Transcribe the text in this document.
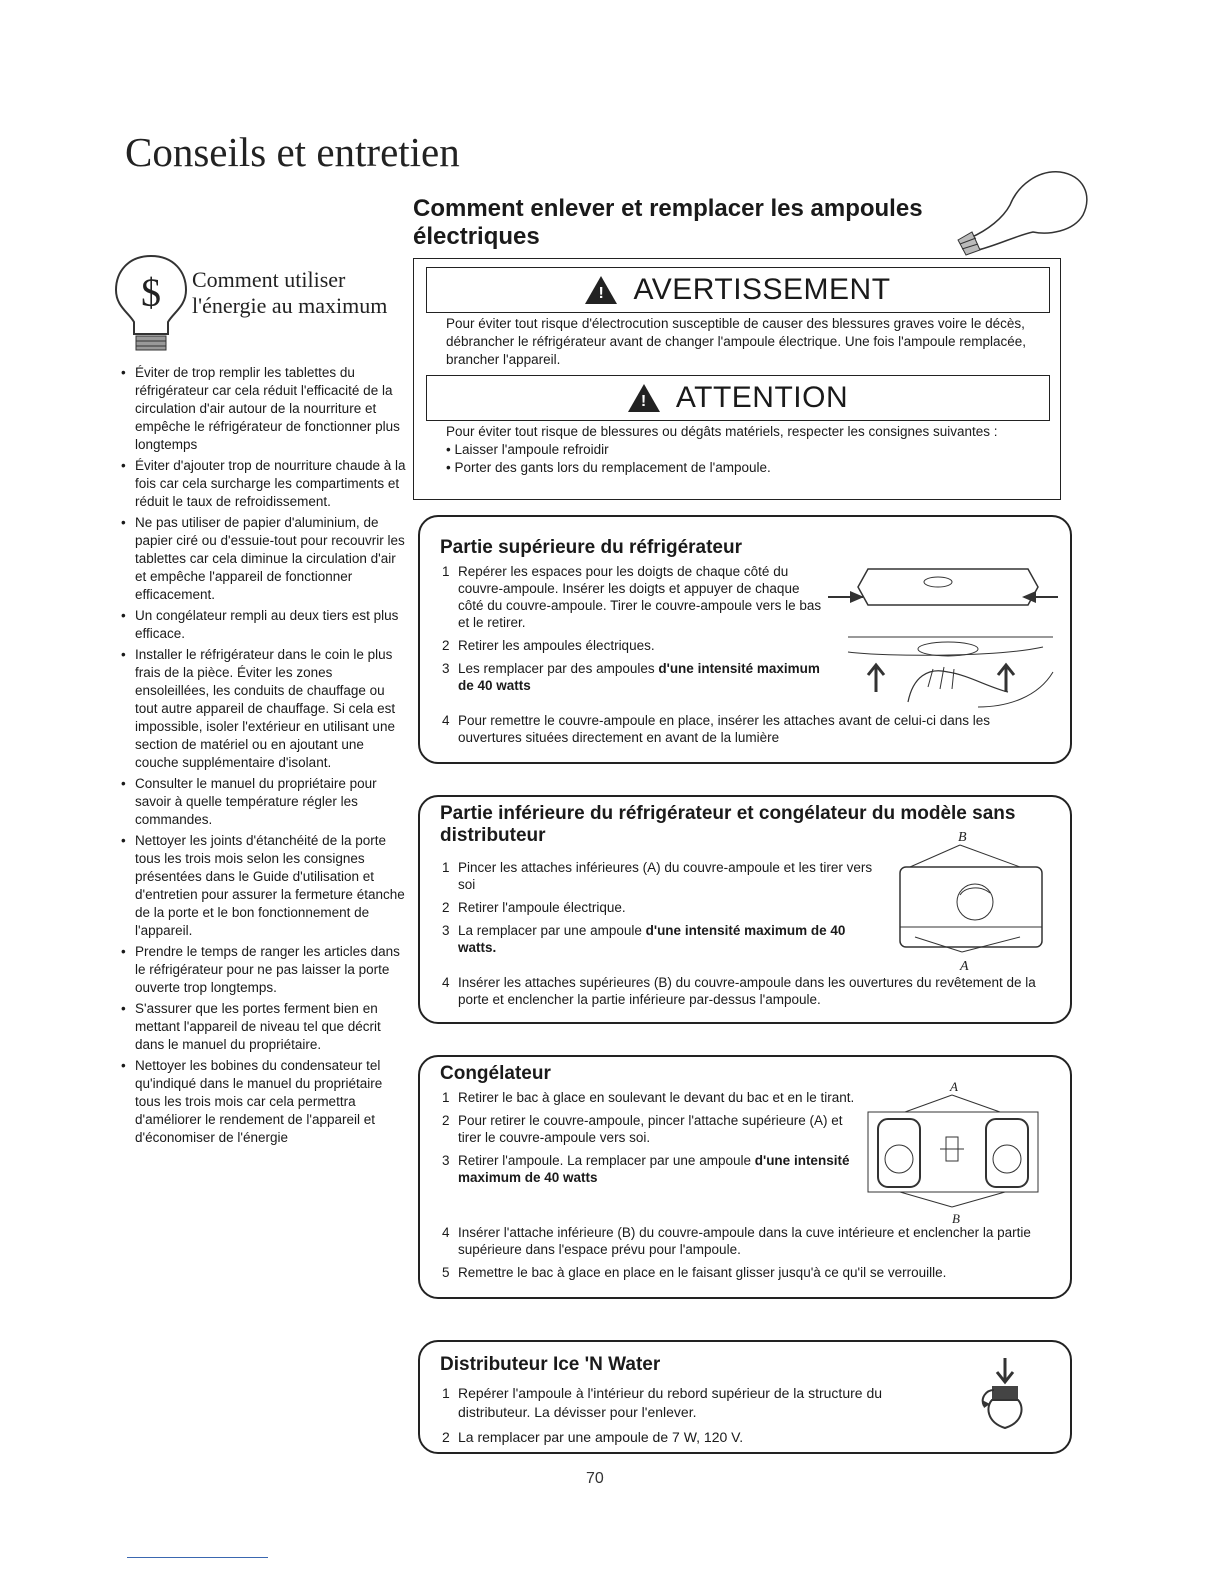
Conseils et entretien
Comment enlever et remplacer les ampoules électriques
$ Comment utiliser l'énergie au maximum
• Éviter de trop remplir les tablettes du réfrigérateur car cela réduit l'efficacité de la circulation d'air autour de la nourriture et empêche le réfrigérateur de fonctionner plus longtemps
• Éviter d'ajouter trop de nourriture chaude à la fois car cela surcharge les compartiments et réduit le taux de refroidissement.
• Ne pas utiliser de papier d'aluminium, de papier ciré ou d'essuie-tout pour recouvrir les tablettes car cela diminue la circulation d'air et empêche l'appareil de fonctionner efficacement.
• Un congélateur rempli au deux tiers est plus efficace.
• Installer le réfrigérateur dans le coin le plus frais de la pièce. Éviter les zones ensoleillées, les conduits de chauffage ou tout autre appareil de chauffage. Si cela est impossible, isoler l'extérieur en utilisant une section de matériel ou en ajoutant une couche supplémentaire d'isolant.
• Consulter le manuel du propriétaire pour savoir à quelle température régler les commandes.
• Nettoyer les joints d'étanchéité de la porte tous les trois mois selon les consignes présentées dans le Guide d'utilisation et d'entretien pour assurer la fermeture étanche de la porte et le bon fonctionnement de l'appareil.
• Prendre le temps de ranger les articles dans le réfrigérateur pour ne pas laisser la porte ouverte trop longtemps.
• S'assurer que les portes ferment bien en mettant l'appareil de niveau tel que décrit dans le manuel du propriétaire.
• Nettoyer les bobines du condensateur tel qu'indiqué dans le manuel du propriétaire tous les trois mois car cela permettra d'améliorer le rendement de l'appareil et d'économiser de l'énergie
! AVERTISSEMENT
Pour éviter tout risque d'électrocution susceptible de causer des blessures graves voire le décès, débrancher le réfrigérateur avant de changer l'ampoule électrique. Une fois l'ampoule remplacée, brancher l'appareil.
! ATTENTION
Pour éviter tout risque de blessures ou dégâts matériels, respecter les consignes suivantes :
• Laisser l'ampoule refroidir
• Porter des gants lors du remplacement de l'ampoule.
Partie supérieure du réfrigérateur
1 Repérer les espaces pour les doigts de chaque côté du couvre-ampoule. Insérer les doigts et appuyer de chaque côté du couvre-ampoule. Tirer le couvre-ampoule vers le bas et le retirer.
2 Retirer les ampoules électriques.
3 Les remplacer par des ampoules d'une intensité maximum de 40 watts
4 Pour remettre le couvre-ampoule en place, insérer les attaches avant de celui-ci dans les ouvertures situées directement en avant de la lumière
Partie inférieure du réfrigérateur et congélateur du modèle sans distributeur
1 Pincer les attaches inférieures (A) du couvre-ampoule et les tirer vers soi
2 Retirer l'ampoule électrique.
3 La remplacer par une ampoule d'une intensité maximum de 40 watts.
4 Insérer les attaches supérieures (B) du couvre-ampoule dans les ouvertures du revêtement de la porte et enclencher la partie inférieure par-dessus l'ampoule.
B
A
Congélateur
1 Retirer le bac à glace en soulevant le devant du bac et en le tirant.
2 Pour retirer le couvre-ampoule, pincer l'attache supérieure (A) et tirer le couvre-ampoule vers soi.
3 Retirer l'ampoule. La remplacer par une ampoule d'une intensité maximum de 40 watts
4 Insérer l'attache inférieure (B) du couvre-ampoule dans la cuve intérieure et enclencher la partie supérieure dans l'espace prévu pour l'ampoule.
5 Remettre le bac à glace en place en le faisant glisser jusqu'à ce qu'il se verrouille.
A
B
Distributeur Ice 'N Water
1 Repérer l'ampoule à l'intérieur du rebord supérieur de la structure du distributeur. La dévisser pour l'enlever.
2 La remplacer par une ampoule de 7 W, 120 V.
70
